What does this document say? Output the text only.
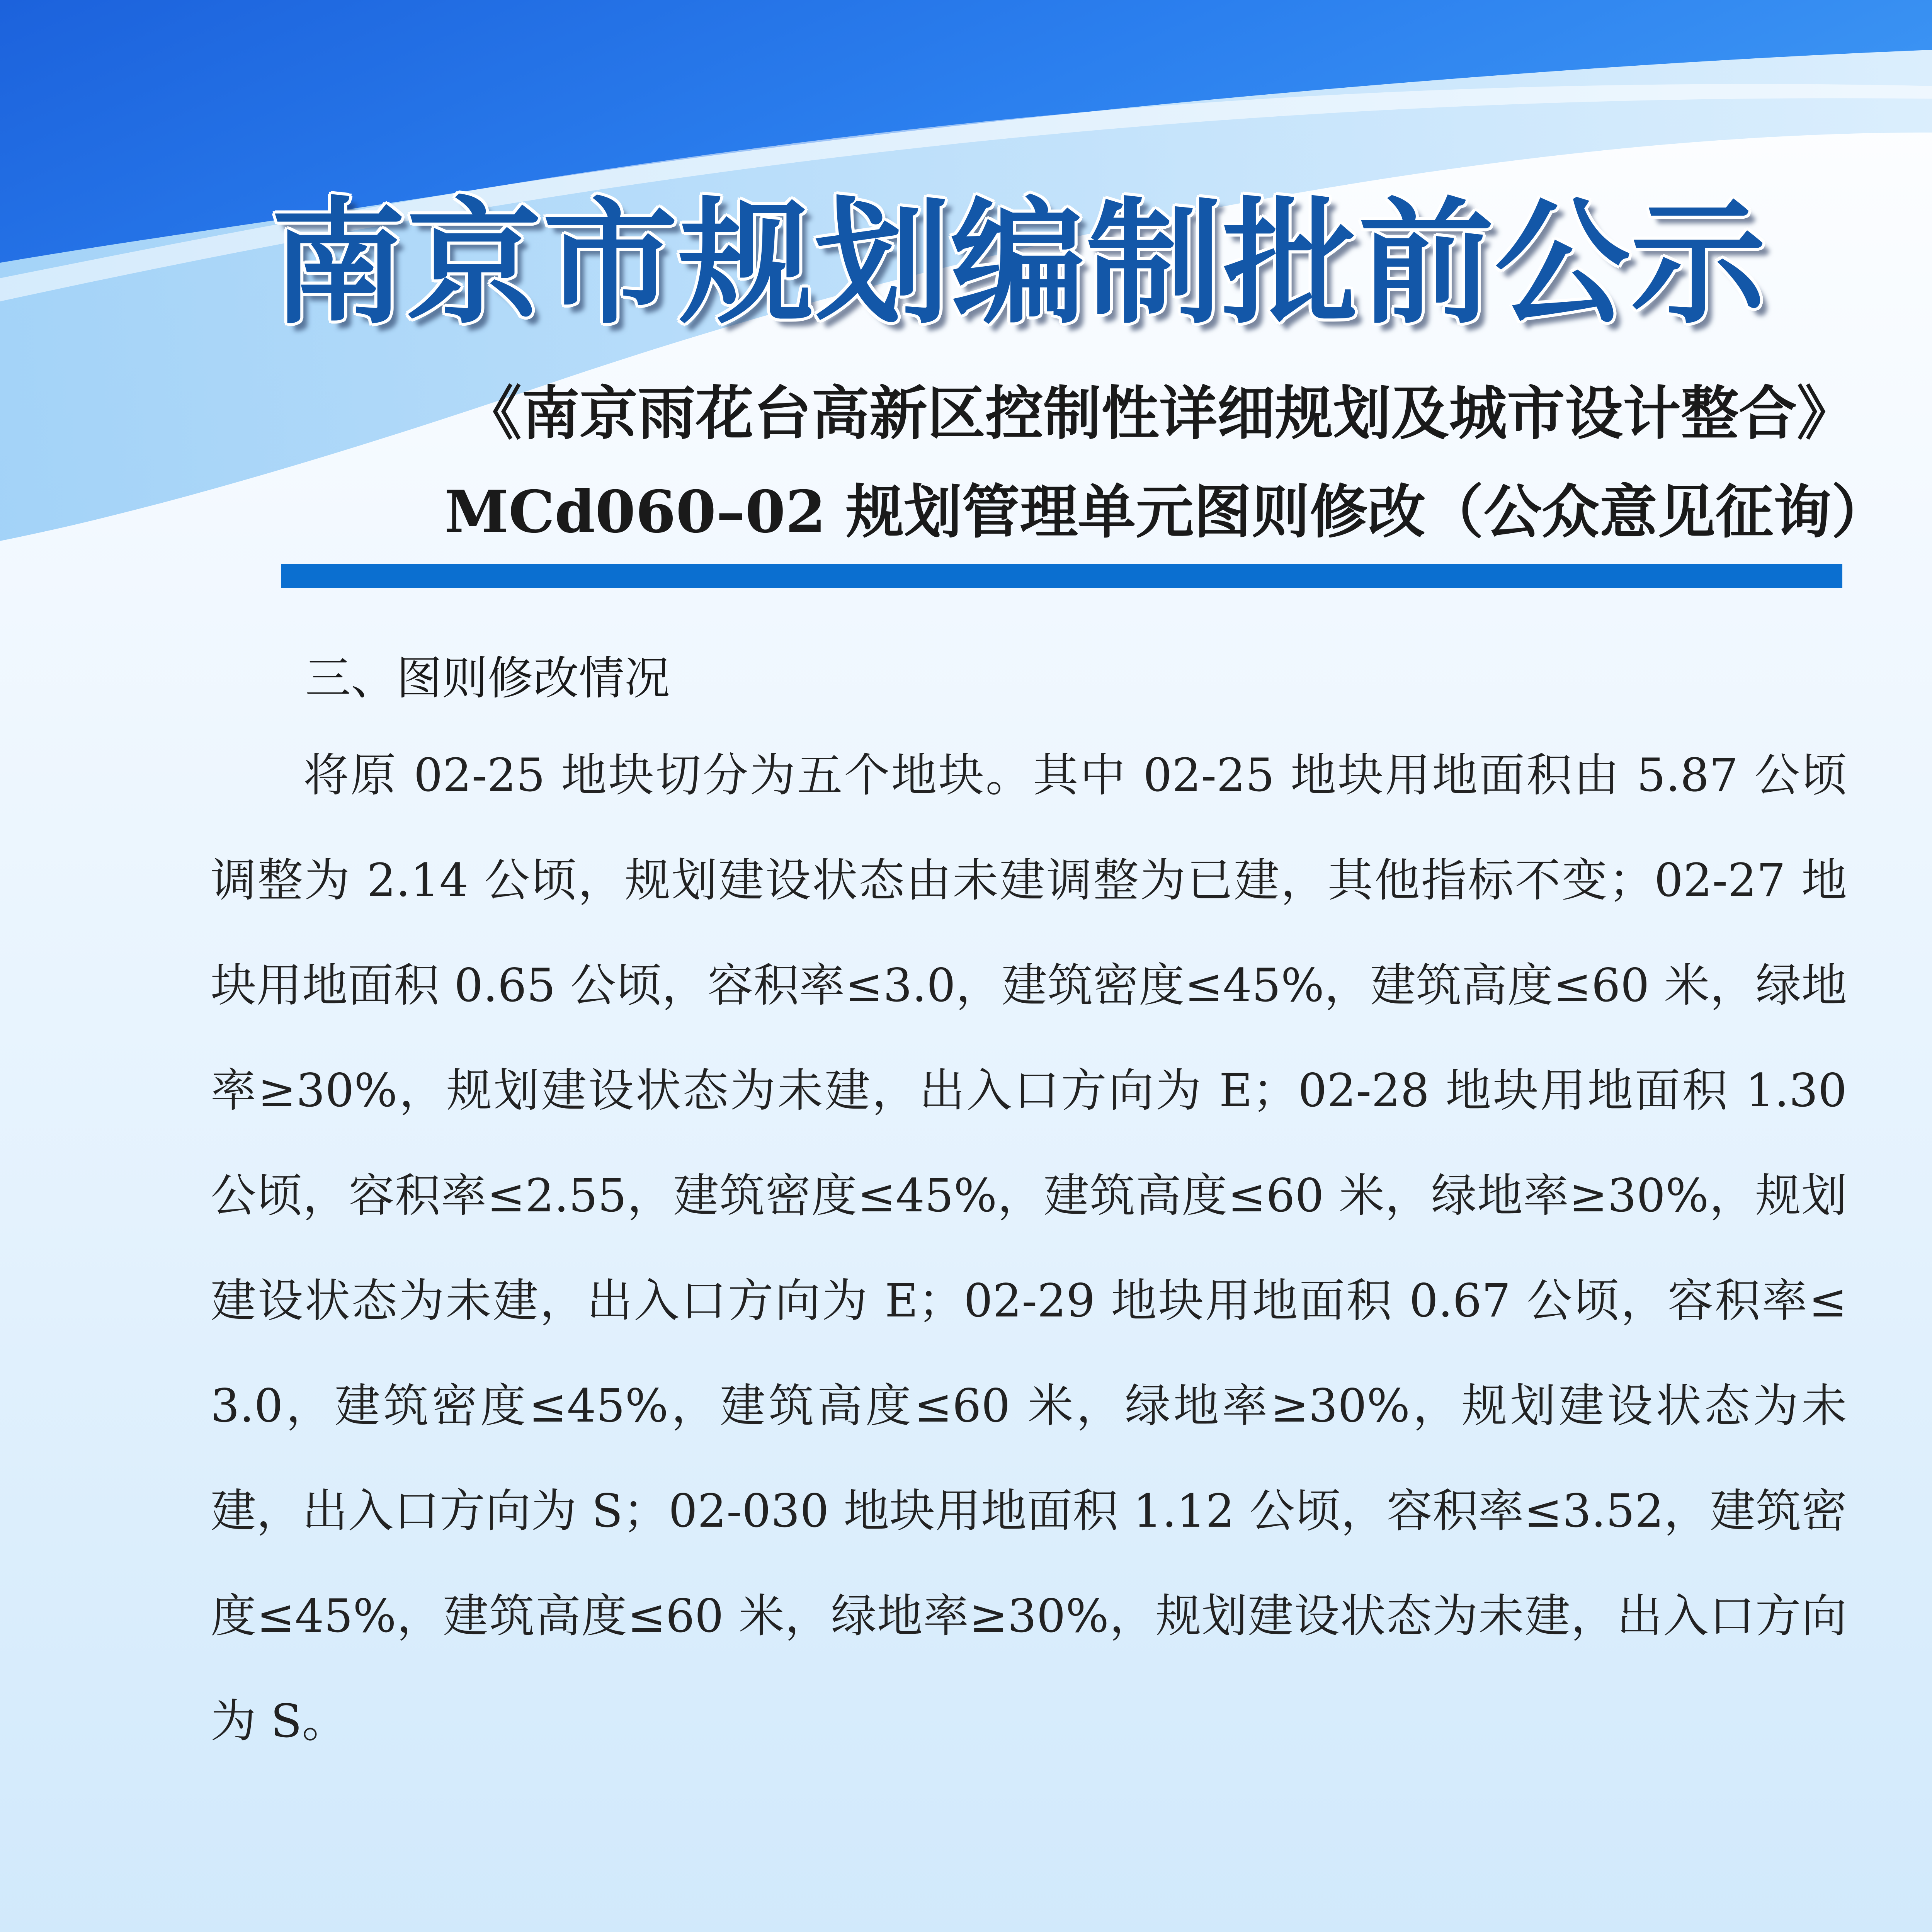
南京市规划编制批前公示
《南京雨花台高新区控制性详细规划及城市设计整合》
MCd060–02 规划管理单元图则修改（公众意见征询）
三、图则修改情况

将原 02-25 地块切分为五个地块。其中 02-25 地块用地面积由 5.87 公顷调整为 2.14 公顷，规划建设状态由未建调整为已建，其他指标不变；02-27 地块用地面积 0.65 公顷，容积率≤3.0，建筑密度≤45%，建筑高度≤60 米，绿地率≥30%，规划建设状态为未建，出入口方向为 E；02-28 地块用地面积 1.30 公顷，容积率≤2.55，建筑密度≤45%，建筑高度≤60 米，绿地率≥30%，规划建设状态为未建，出入口方向为 E；02-29 地块用地面积 0.67 公顷，容积率≤3.0，建筑密度≤45%，建筑高度≤60 米，绿地率≥30%，规划建设状态为未建，出入口方向为 S；02-030 地块用地面积 1.12 公顷，容积率≤3.52，建筑密度≤45%，建筑高度≤60 米，绿地率≥30%，规划建设状态为未建，出入口方向为 S。
